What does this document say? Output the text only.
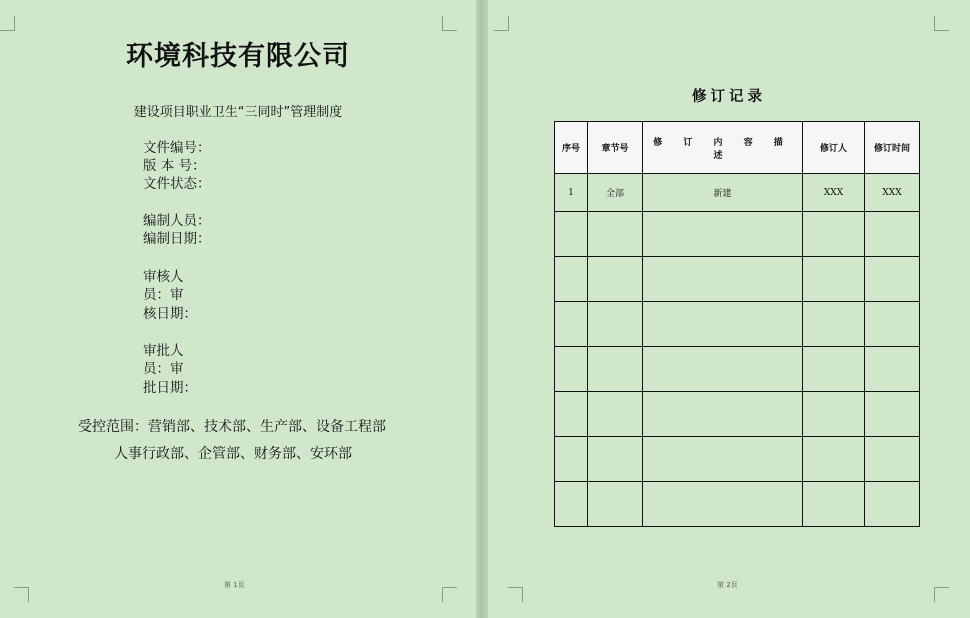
环境科技有限公司
建设项目职业卫生“三同时”管理制度
文件编号：
版 本 号：
文件状态：
编制人员：
编制日期：
审核人
员：审
核日期：
审批人
员：审
批日期：
受控范围：营销部、技术部、生产部、设备工程部
人事行政部、企管部、财务部、安环部
第 1页
修订记录
序号	章节号	修 订 内 容 描 述	修订人	修订时间
1	全部	新建	XXX	XXX

第 2页
